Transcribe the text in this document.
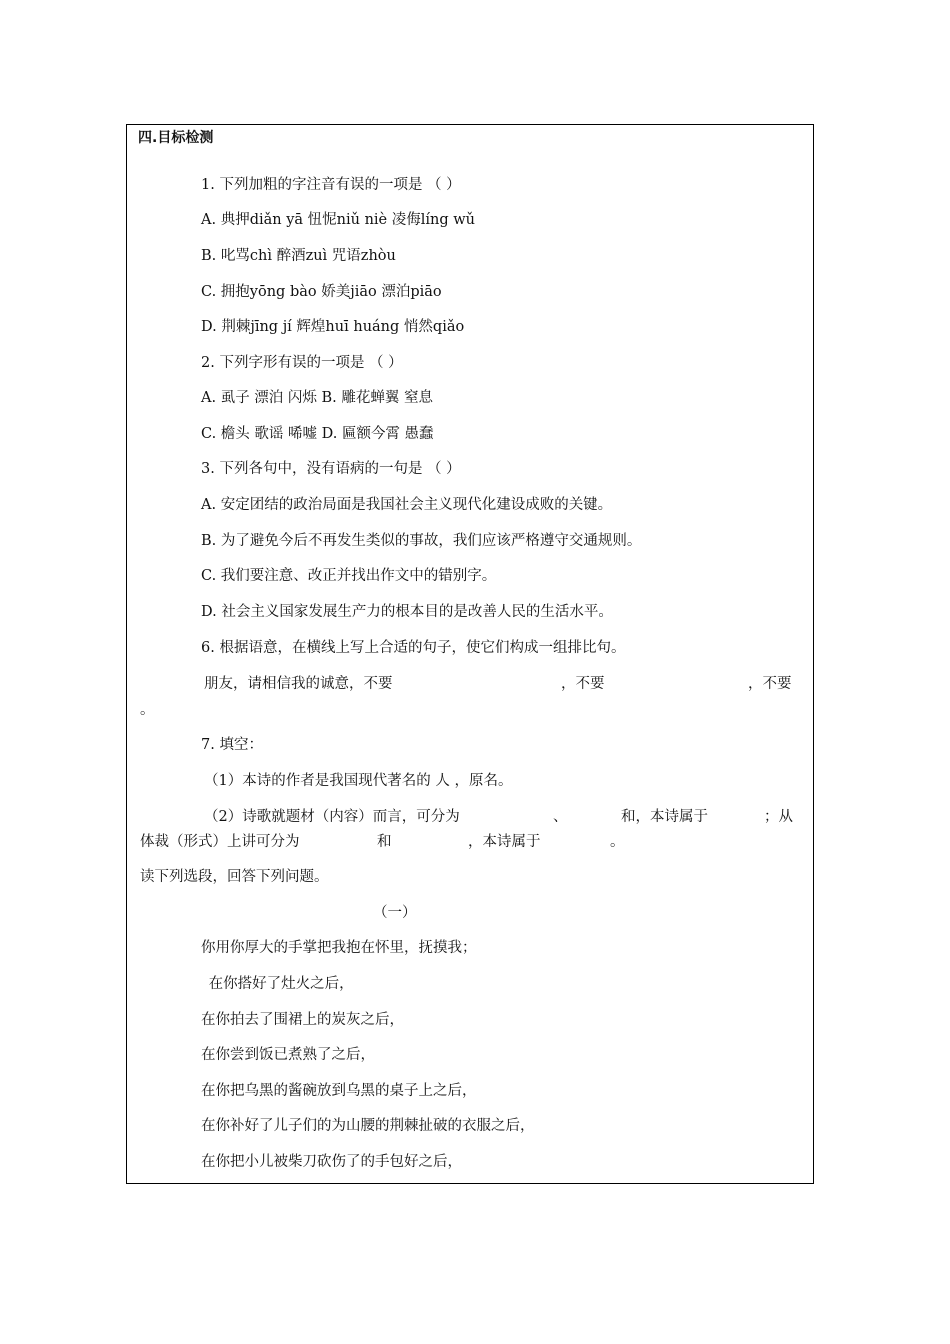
四.目标检测
1. 下列加粗的字注音有误的一项是 （ ）
A. 典押diǎn yā 忸怩niǔ niè 凌侮líng wǔ
B. 叱骂chì 醉酒zuì 咒语zhòu
C. 拥抱yōng bào 娇美jiāo 漂泊piāo
D. 荆棘jīng jí 辉煌huī huáng 悄然qiǎo
2. 下列字形有误的一项是 （ ）
A. 虱子 漂泊 闪烁 B. 雕花蝉翼 窒息
C. 檐头 歌谣 唏嘘 D. 匾额今霄 愚蠢
3. 下列各句中，没有语病的一句是 （ ）
A. 安定团结的政治局面是我国社会主义现代化建设成败的关键。
B. 为了避免今后不再发生类似的事故，我们应该严格遵守交通规则。
C. 我们要注意、改正并找出作文中的错别字。
D. 社会主义国家发展生产力的根本目的是改善人民的生活水平。
6. 根据语意，在横线上写上合适的句子，使它们构成一组排比句。
朋友，请相信我的诚意，不要	，不要	，不要
。
7. 填空：
（1）本诗的作者是我国现代著名的 人 ，原名。
（2）诗歌就题材（内容）而言，可分为	、	和，本诗属于	；从
体裁（形式）上讲可分为	和	，本诗属于	。
读下列选段，回答下列问题。
（一）
你用你厚大的手掌把我抱在怀里，抚摸我；
在你搭好了灶火之后，
在你拍去了围裙上的炭灰之后，
在你尝到饭已煮熟了之后，
在你把乌黑的酱碗放到乌黑的桌子上之后，
在你补好了儿子们的为山腰的荆棘扯破的衣服之后，
在你把小儿被柴刀砍伤了的手包好之后，
